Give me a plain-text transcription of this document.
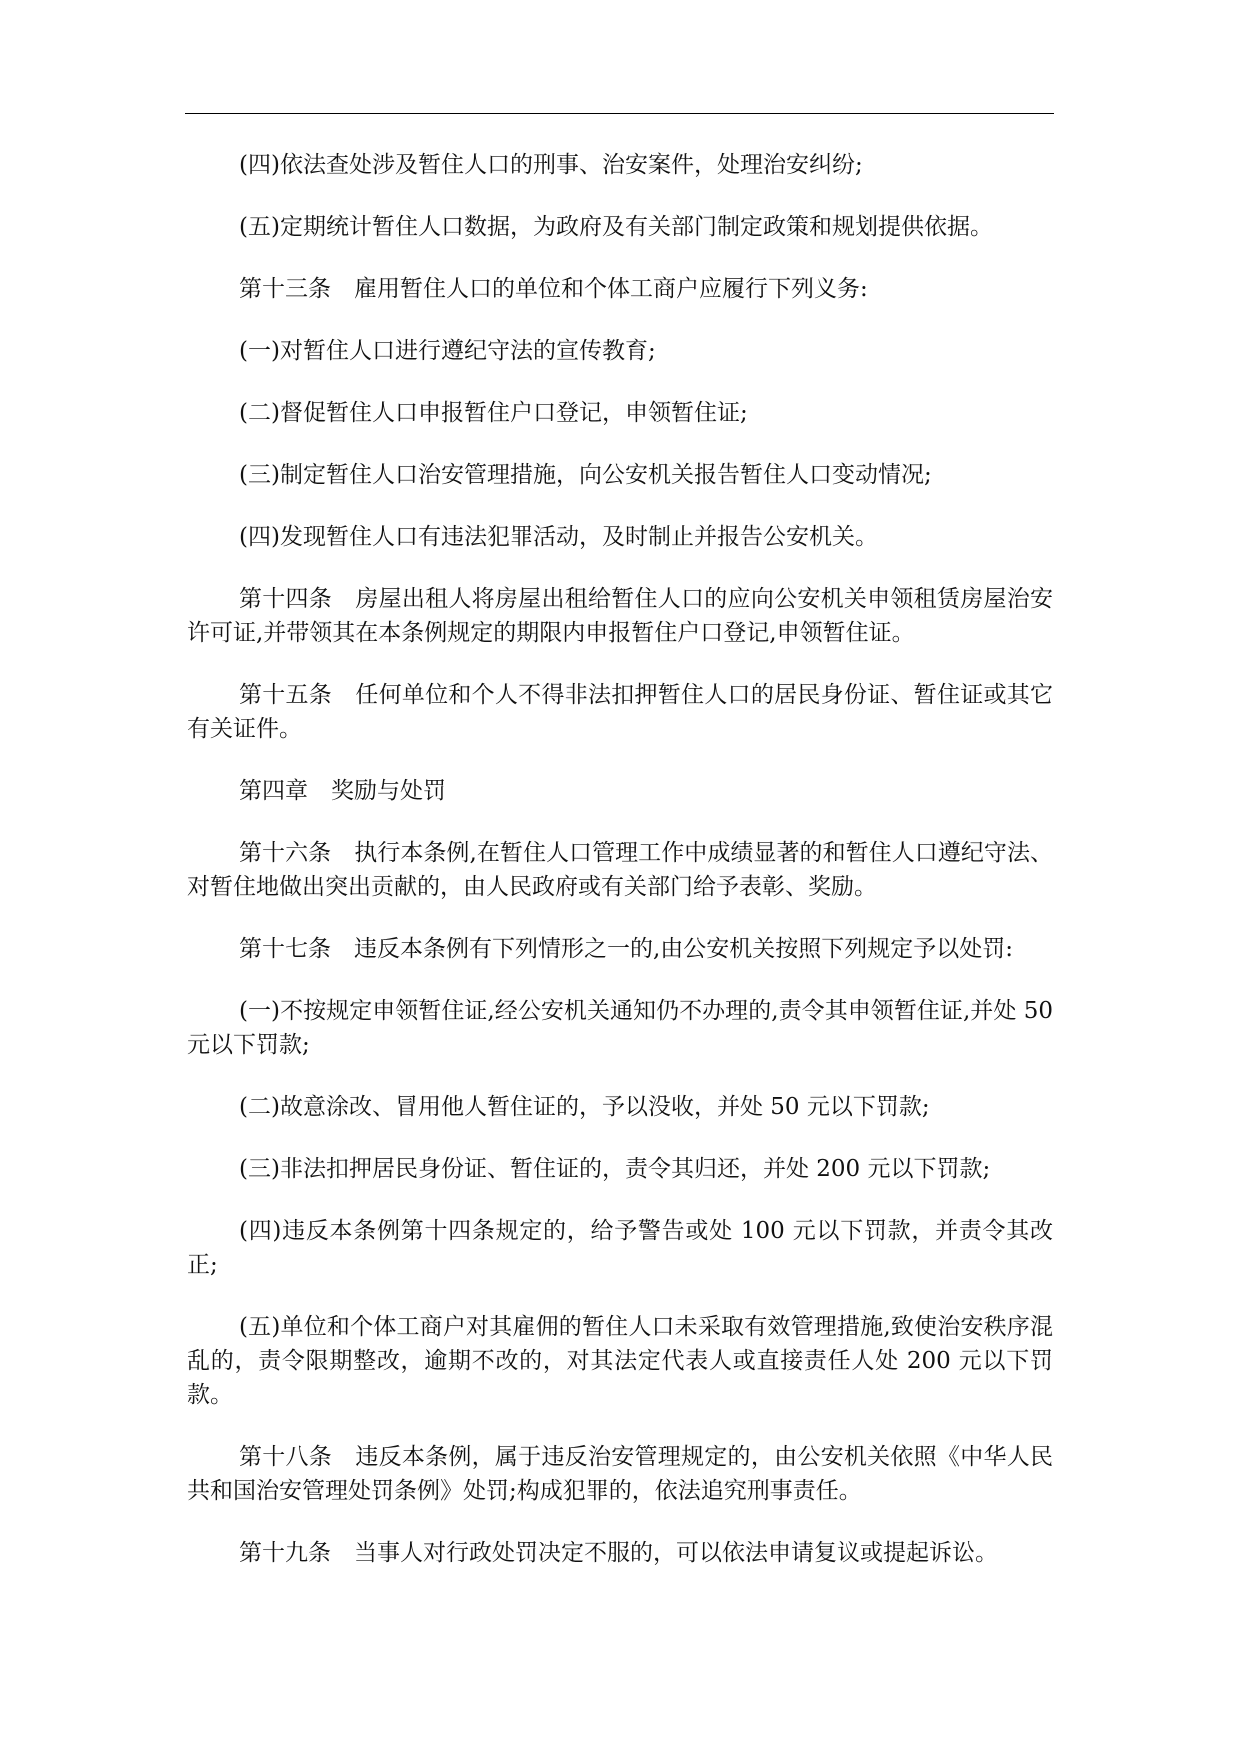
(四)依法查处涉及暂住人口的刑事、治安案件，处理治安纠纷;

(五)定期统计暂住人口数据，为政府及有关部门制定政策和规划提供依据。

第十三条　雇用暂住人口的单位和个体工商户应履行下列义务:

(一)对暂住人口进行遵纪守法的宣传教育;

(二)督促暂住人口申报暂住户口登记，申领暂住证;

(三)制定暂住人口治安管理措施，向公安机关报告暂住人口变动情况;

(四)发现暂住人口有违法犯罪活动，及时制止并报告公安机关。

第十四条　房屋出租人将房屋出租给暂住人口的应向公安机关申领租赁房屋治安许可证,并带领其在本条例规定的期限内申报暂住户口登记,申领暂住证。

第十五条　任何单位和个人不得非法扣押暂住人口的居民身份证、暂住证或其它有关证件。

第四章　奖励与处罚

第十六条　执行本条例,在暂住人口管理工作中成绩显著的和暂住人口遵纪守法、对暂住地做出突出贡献的，由人民政府或有关部门给予表彰、奖励。

第十七条　违反本条例有下列情形之一的,由公安机关按照下列规定予以处罚:

(一)不按规定申领暂住证,经公安机关通知仍不办理的,责令其申领暂住证,并处 50 元以下罚款;

(二)故意涂改、冒用他人暂住证的，予以没收，并处 50 元以下罚款;

(三)非法扣押居民身份证、暂住证的，责令其归还，并处 200 元以下罚款;

(四)违反本条例第十四条规定的，给予警告或处 100 元以下罚款，并责令其改正;

(五)单位和个体工商户对其雇佣的暂住人口未采取有效管理措施,致使治安秩序混乱的，责令限期整改，逾期不改的，对其法定代表人或直接责任人处 200 元以下罚款。

第十八条　违反本条例，属于违反治安管理规定的，由公安机关依照《中华人民共和国治安管理处罚条例》处罚;构成犯罪的，依法追究刑事责任。

第十九条　当事人对行政处罚决定不服的，可以依法申请复议或提起诉讼。
